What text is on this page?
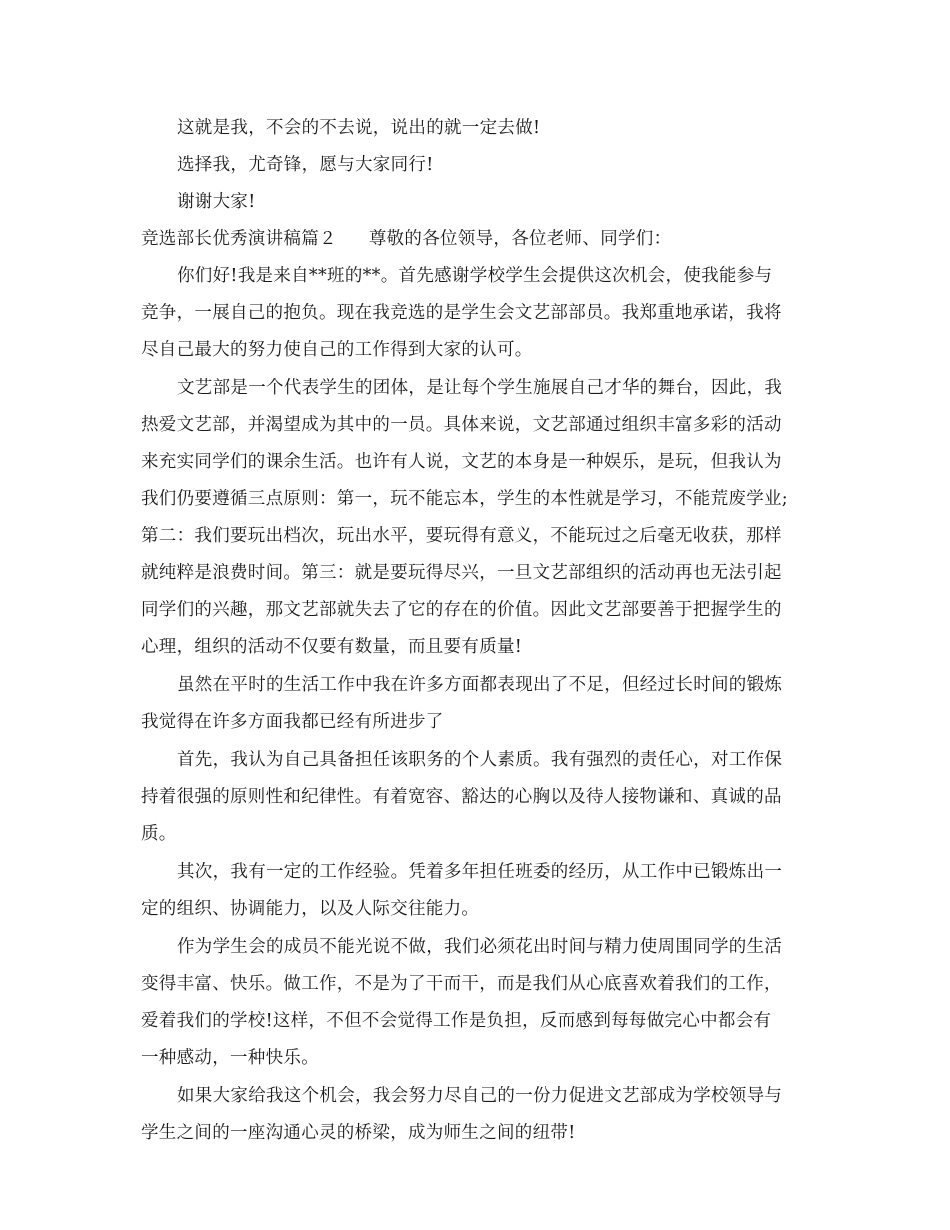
这就是我，不会的不去说，说出的就一定去做!
选择我，尤奇锋，愿与大家同行!
谢谢大家!
竞选部长优秀演讲稿篇２ 尊敬的各位领导，各位老师、同学们：
你们好!我是来自**班的**。首先感谢学校学生会提供这次机会，使我能参与
竞争，一展自己的抱负。现在我竞选的是学生会文艺部部员。我郑重地承诺，我将
尽自己最大的努力使自己的工作得到大家的认可。
文艺部是一个代表学生的团体，是让每个学生施展自己才华的舞台，因此，我
热爱文艺部，并渴望成为其中的一员。具体来说，文艺部通过组织丰富多彩的活动
来充实同学们的课余生活。也许有人说，文艺的本身是一种娱乐，是玩，但我认为
我们仍要遵循三点原则：第一，玩不能忘本，学生的本性就是学习，不能荒废学业;
第二：我们要玩出档次，玩出水平，要玩得有意义，不能玩过之后毫无收获，那样
就纯粹是浪费时间。第三：就是要玩得尽兴，一旦文艺部组织的活动再也无法引起
同学们的兴趣，那文艺部就失去了它的存在的价值。因此文艺部要善于把握学生的
心理，组织的活动不仅要有数量，而且要有质量!
虽然在平时的生活工作中我在许多方面都表现出了不足，但经过长时间的锻炼
我觉得在许多方面我都已经有所进步了
首先，我认为自己具备担任该职务的个人素质。我有强烈的责任心，对工作保
持着很强的原则性和纪律性。有着宽容、豁达的心胸以及待人接物谦和、真诚的品
质。
其次，我有一定的工作经验。凭着多年担任班委的经历，从工作中已锻炼出一
定的组织、协调能力，以及人际交往能力。
作为学生会的成员不能光说不做，我们必须花出时间与精力使周围同学的生活
变得丰富、快乐。做工作，不是为了干而干，而是我们从心底喜欢着我们的工作，
爱着我们的学校!这样，不但不会觉得工作是负担，反而感到每每做完心中都会有
一种感动，一种快乐。
如果大家给我这个机会，我会努力尽自己的一份力促进文艺部成为学校领导与
学生之间的一座沟通心灵的桥梁，成为师生之间的纽带!
